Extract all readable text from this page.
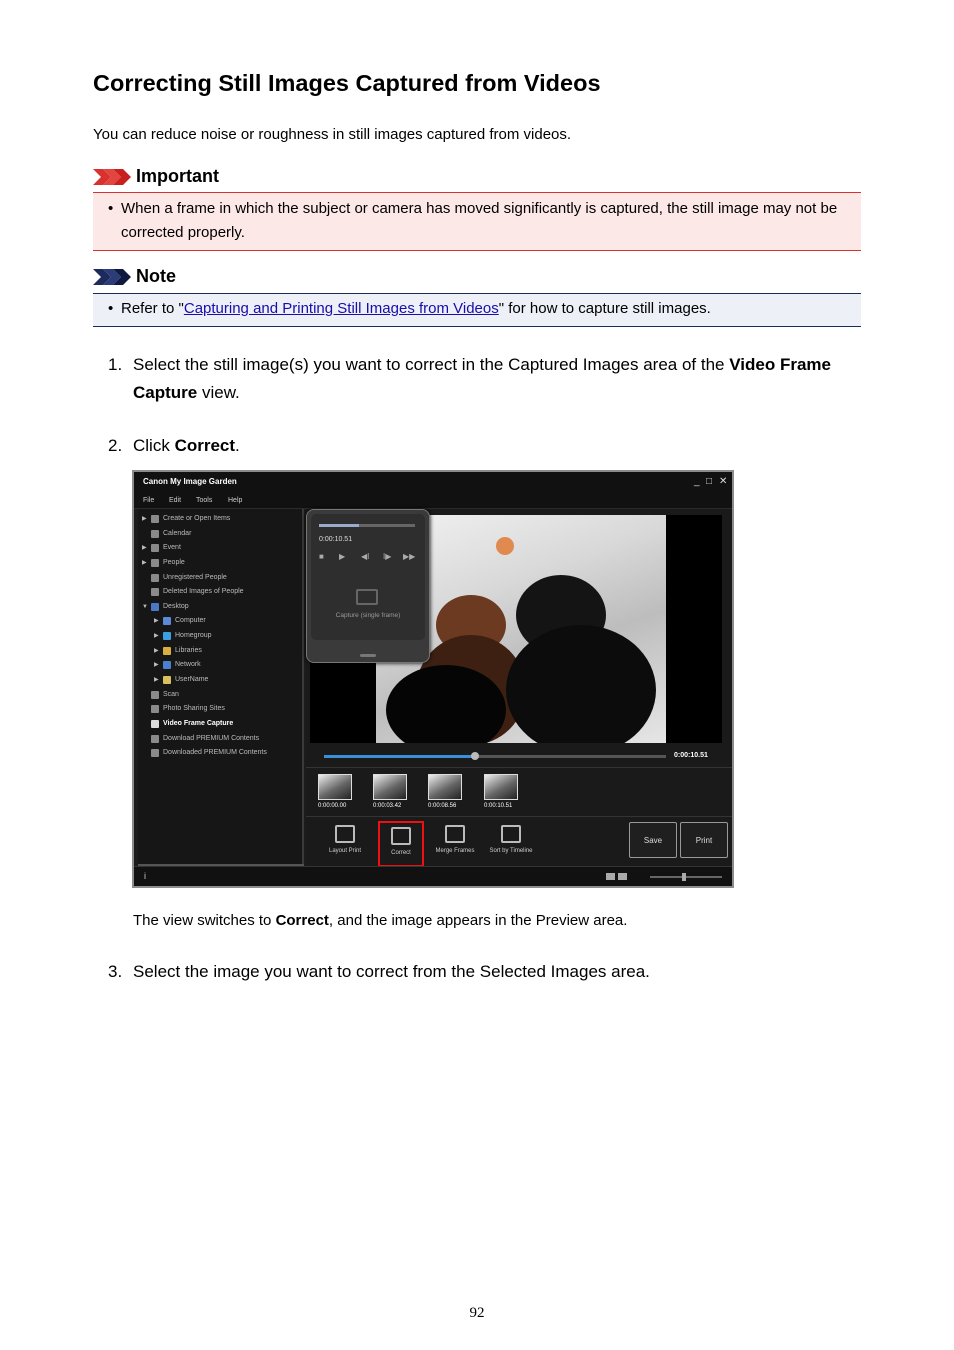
Correcting Still Images Captured from Videos
You can reduce noise or roughness in still images captured from videos.
Important
• When a frame in which the subject or camera has moved significantly is captured, the still image may not be corrected properly.
Note
• Refer to "Capturing and Printing Still Images from Videos" for how to capture still images.
1. Select the still image(s) you want to correct in the Captured Images area of the Video Frame Capture view.
2. Click Correct.
Canon My Image Garden	_ □ ✕
File Edit Tools Help
▶	Create or Open Items
Calendar
▶	Event
▶	People
Unregistered People
Deleted Images of People
▼	Desktop
▶	Computer
▶	Homegroup
▶	Libraries
▶	Network
▶	UserName
Scan
Photo Sharing Sites
Video Frame Capture
Download PREMIUM Contents
Downloaded PREMIUM Contents
0:00:10.51
■ ▶ ◀I I▶ ▶▶
Capture (single frame)
0:00:10.51
0:00:00.00	0:00:03.42	0:00:08.56	0:00:10.51
Layout Print	Correct	Merge Frames	Sort by Timeline
Save	Print
i
The view switches to Correct, and the image appears in the Preview area.
3. Select the image you want to correct from the Selected Images area.
92
